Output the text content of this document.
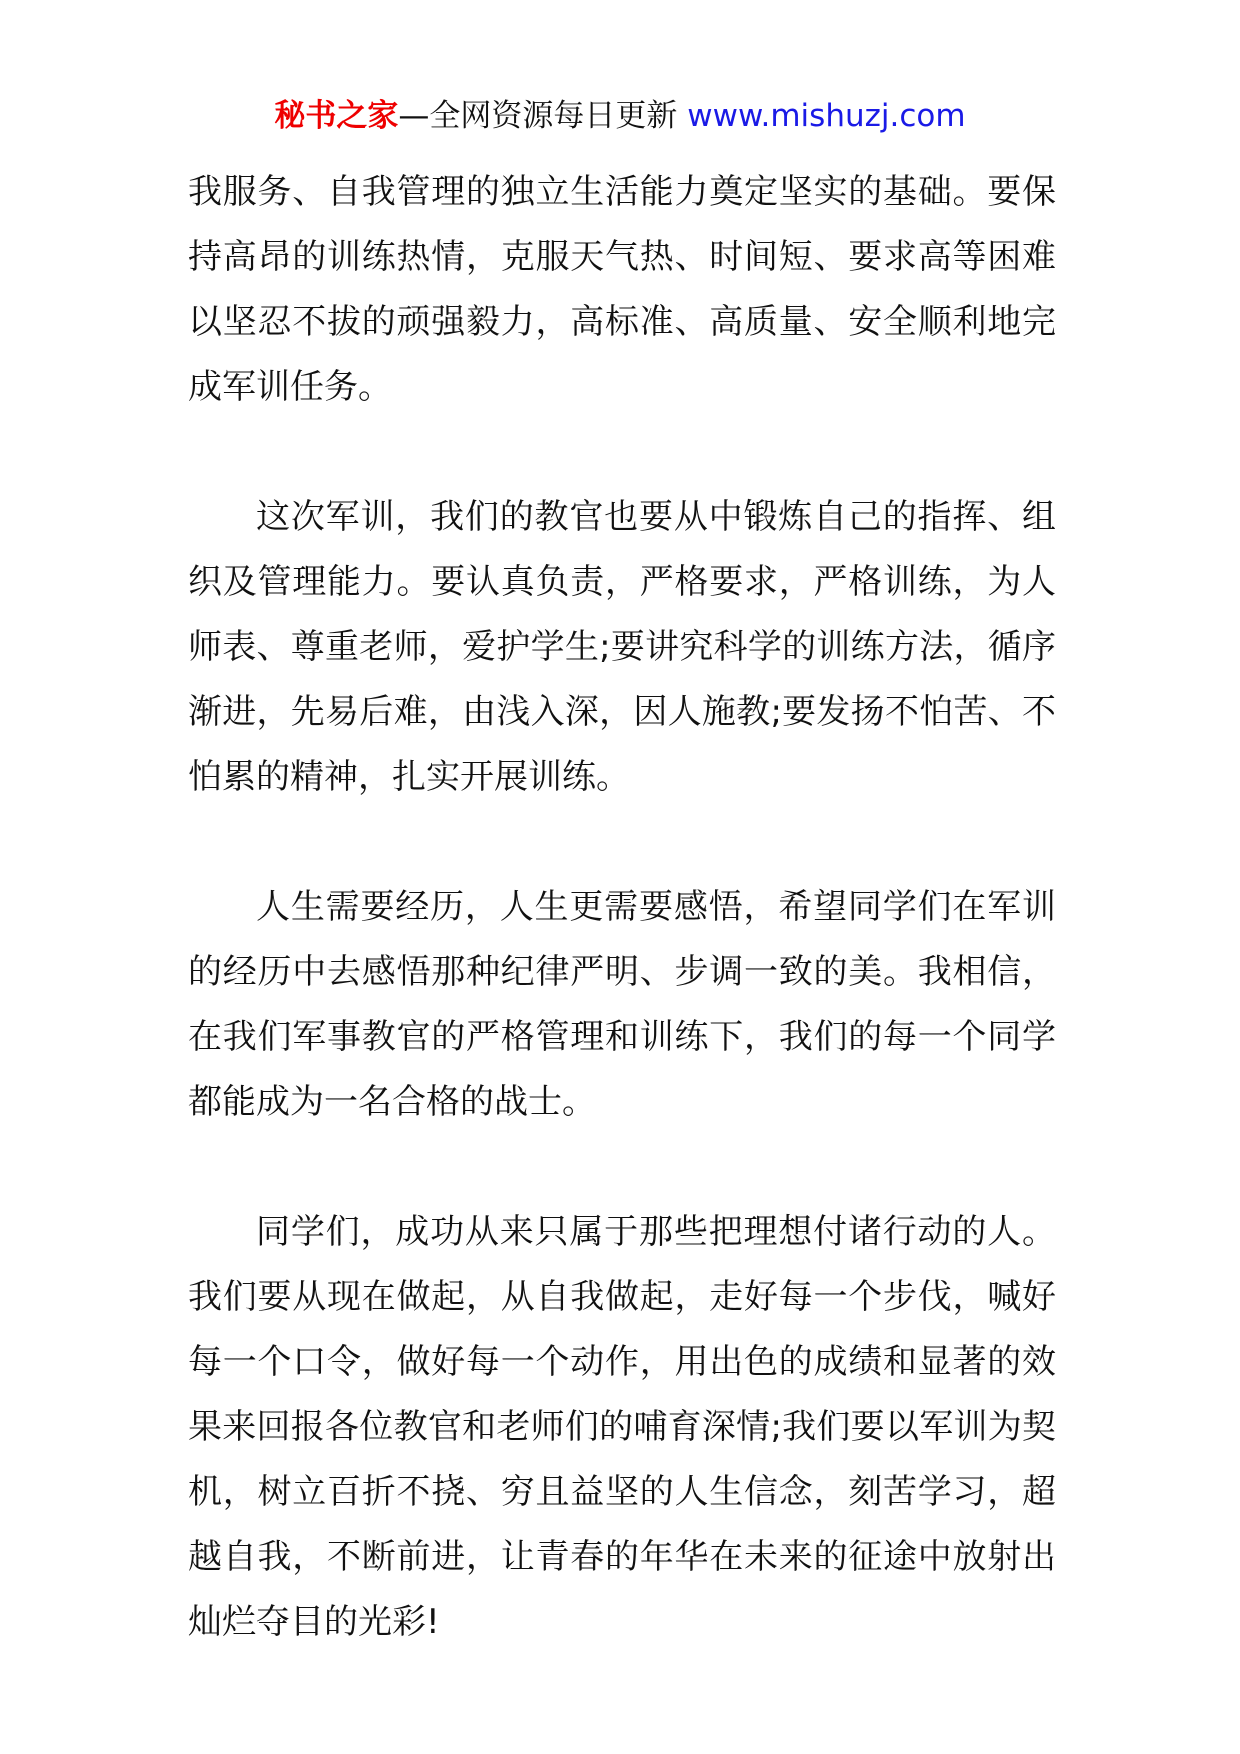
秘书之家—全网资源每日更新 www.mishuzj.com

我服务、自我管理的独立生活能力奠定坚实的基础。要保持高昂的训练热情，克服天气热、时间短、要求高等困难以坚忍不拔的顽强毅力，高标准、高质量、安全顺利地完成军训任务。

这次军训，我们的教官也要从中锻炼自己的指挥、组织及管理能力。要认真负责，严格要求，严格训练，为人师表、尊重老师，爱护学生;要讲究科学的训练方法，循序渐进，先易后难，由浅入深，因人施教;要发扬不怕苦、不怕累的精神，扎实开展训练。

人生需要经历，人生更需要感悟，希望同学们在军训的经历中去感悟那种纪律严明、步调一致的美。我相信，在我们军事教官的严格管理和训练下，我们的每一个同学都能成为一名合格的战士。

同学们，成功从来只属于那些把理想付诸行动的人。我们要从现在做起，从自我做起，走好每一个步伐，喊好每一个口令，做好每一个动作，用出色的成绩和显著的效果来回报各位教官和老师们的哺育深情;我们要以军训为契机，树立百折不挠、穷且益坚的人生信念，刻苦学习，超越自我，不断前进，让青春的年华在未来的征途中放射出灿烂夺目的光彩!
